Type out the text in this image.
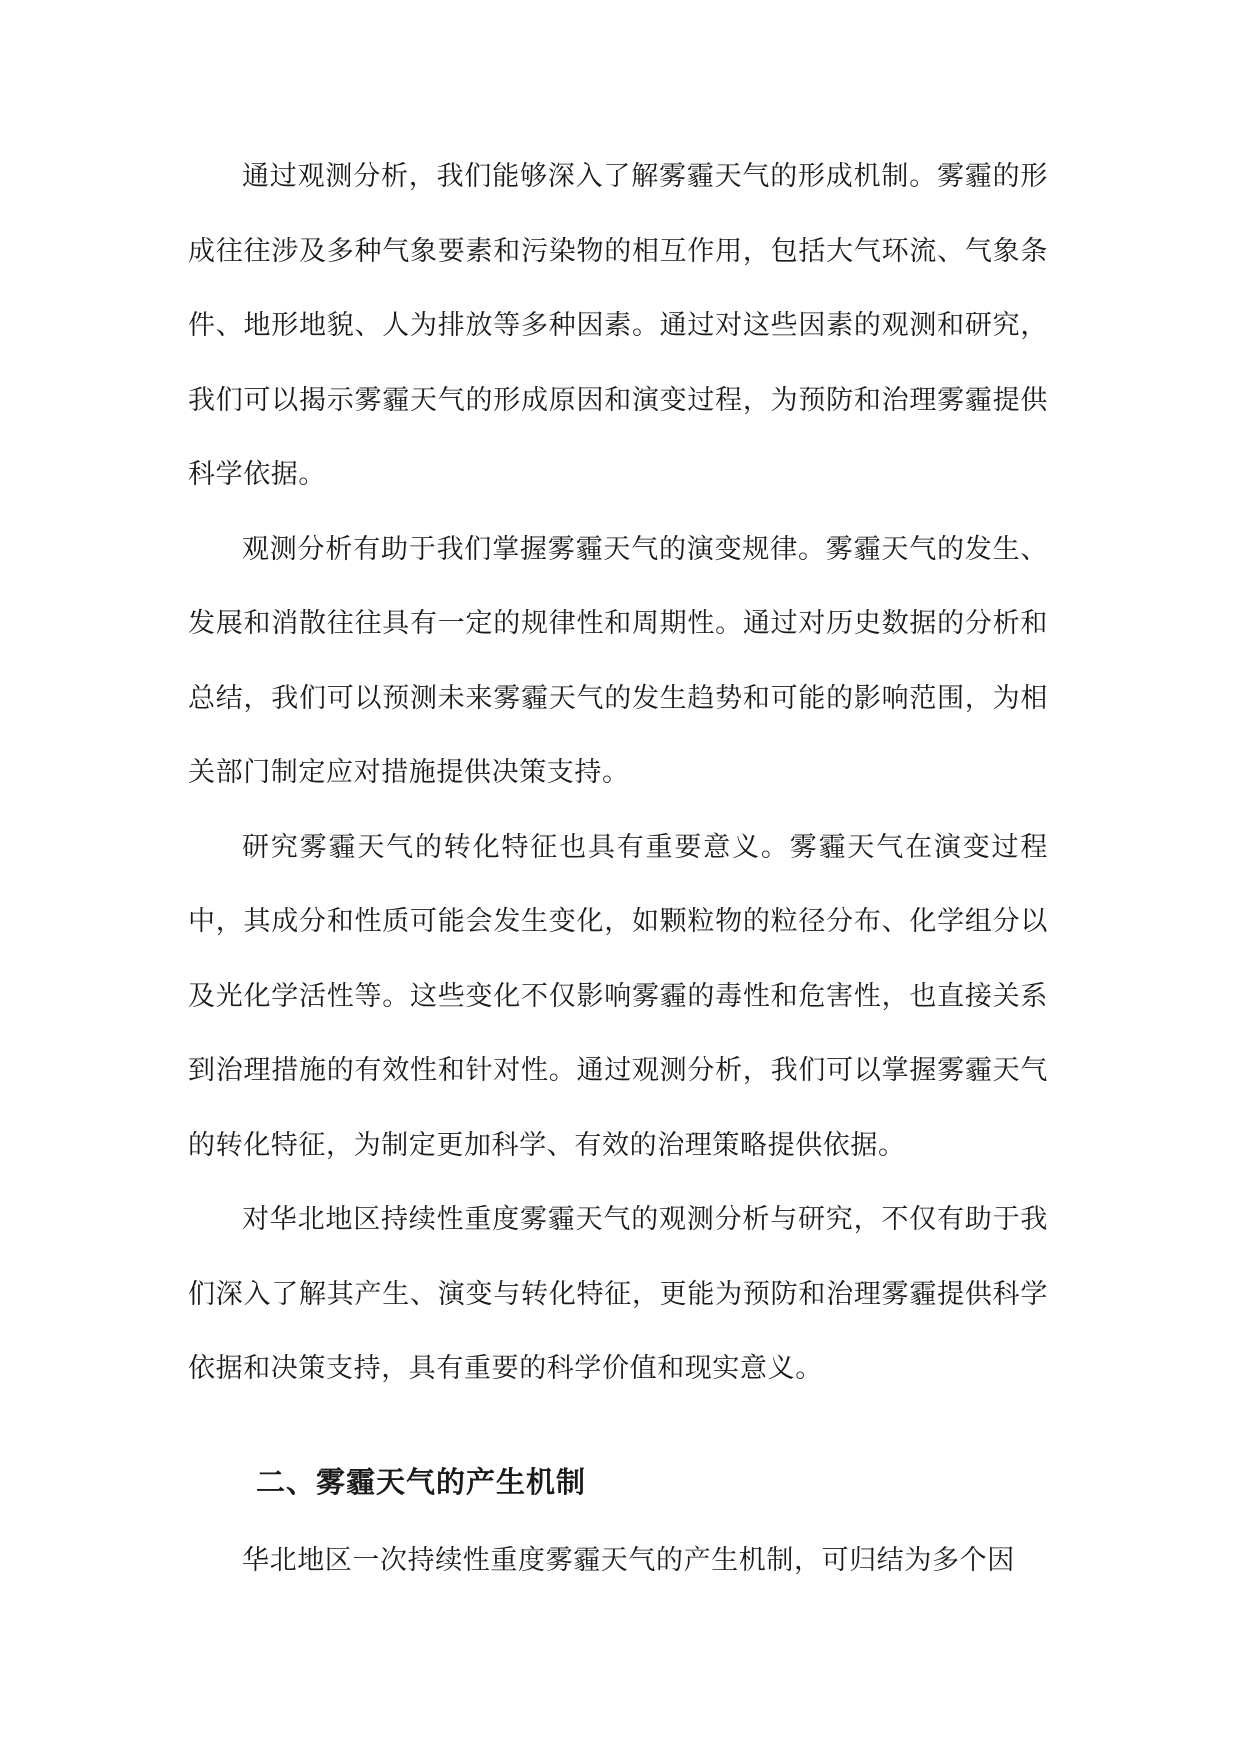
通过观测分析，我们能够深入了解雾霾天气的形成机制。雾霾的形成往往涉及多种气象要素和污染物的相互作用，包括大气环流、气象条件、地形地貌、人为排放等多种因素。通过对这些因素的观测和研究，我们可以揭示雾霾天气的形成原因和演变过程，为预防和治理雾霾提供科学依据。

观测分析有助于我们掌握雾霾天气的演变规律。雾霾天气的发生、发展和消散往往具有一定的规律性和周期性。通过对历史数据的分析和总结，我们可以预测未来雾霾天气的发生趋势和可能的影响范围，为相关部门制定应对措施提供决策支持。

研究雾霾天气的转化特征也具有重要意义。雾霾天气在演变过程中，其成分和性质可能会发生变化，如颗粒物的粒径分布、化学组分以及光化学活性等。这些变化不仅影响雾霾的毒性和危害性，也直接关系到治理措施的有效性和针对性。通过观测分析，我们可以掌握雾霾天气的转化特征，为制定更加科学、有效的治理策略提供依据。

对华北地区持续性重度雾霾天气的观测分析与研究，不仅有助于我们深入了解其产生、演变与转化特征，更能为预防和治理雾霾提供科学依据和决策支持，具有重要的科学价值和现实意义。

二、雾霾天气的产生机制

华北地区一次持续性重度雾霾天气的产生机制，可归结为多个因
